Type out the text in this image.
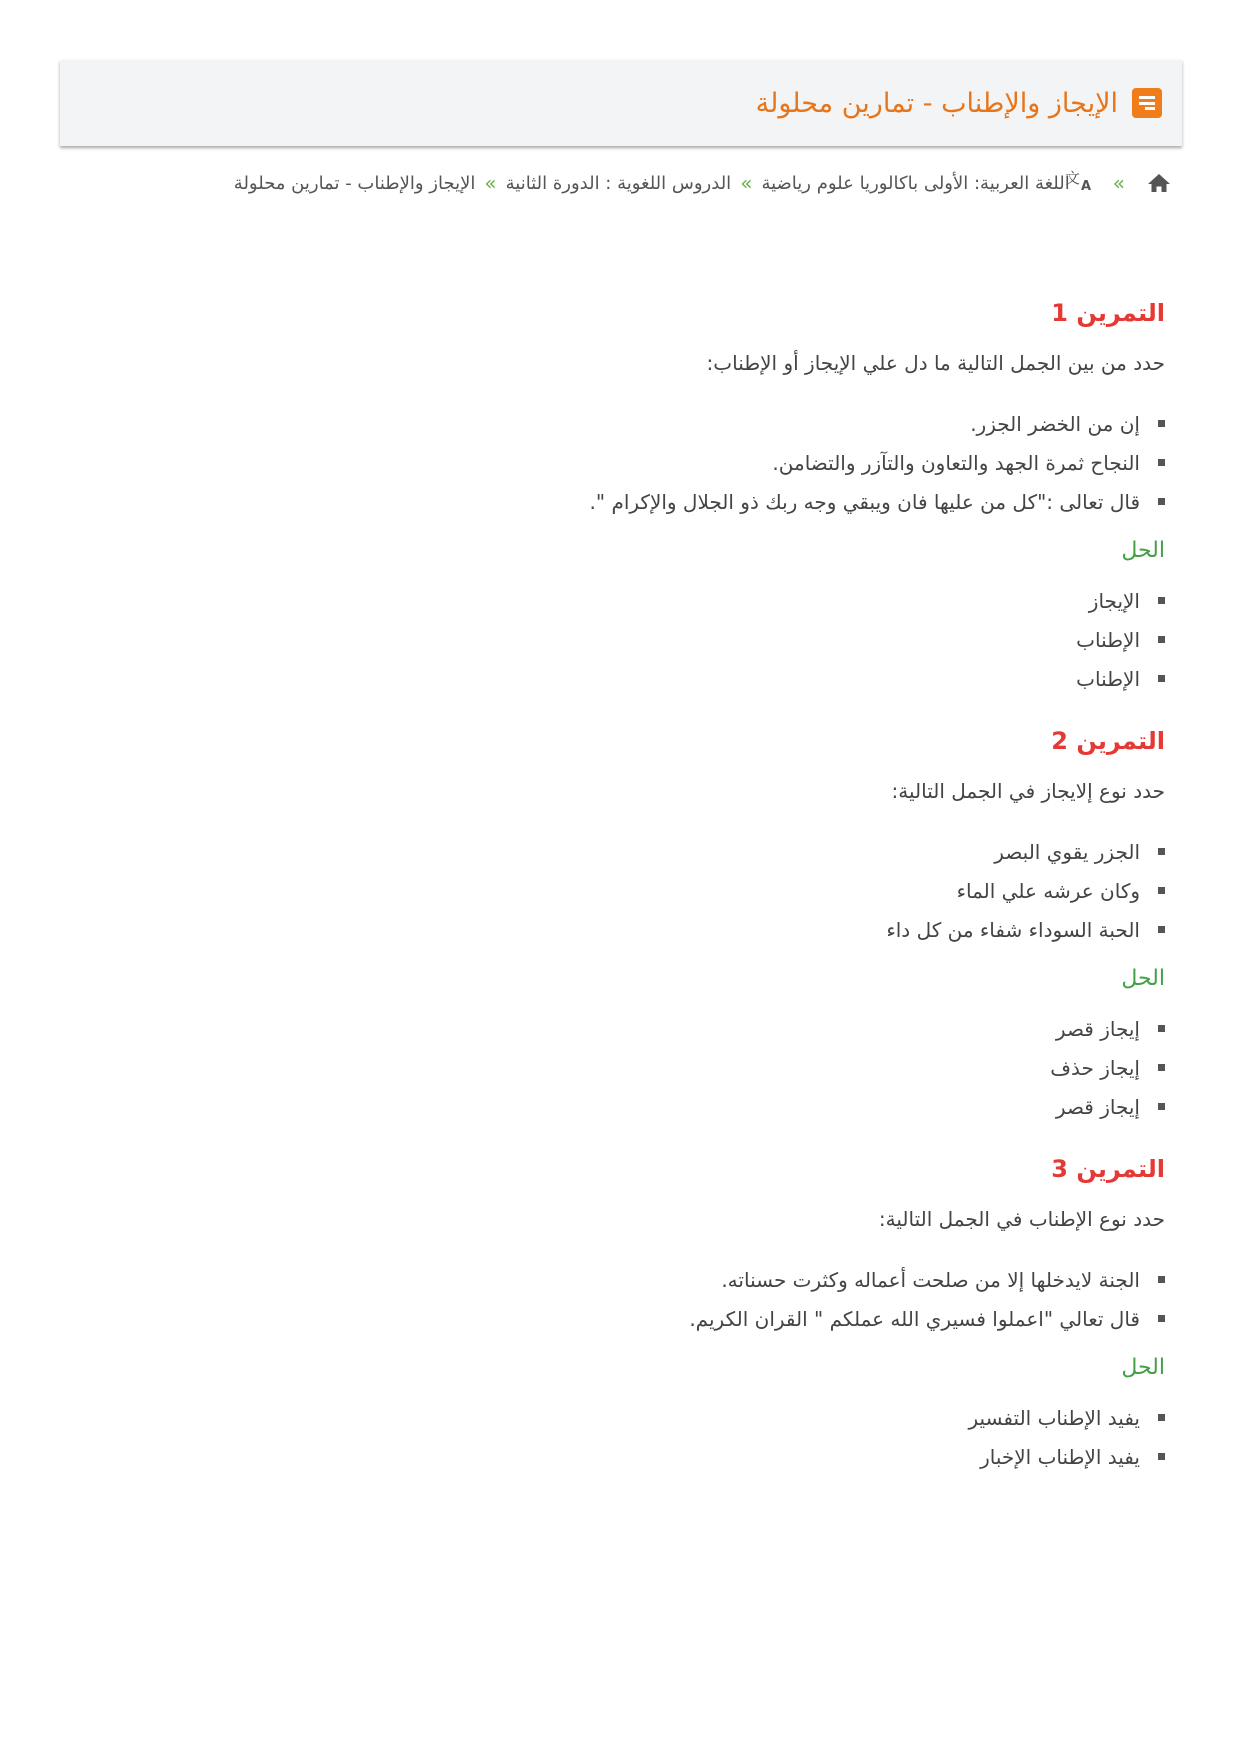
الإيجاز والإطناب - تمارين محلولة
»
文 A
اللغة العربية: الأولى باكالوريا علوم رياضية
»
الدروس اللغوية : الدورة الثانية
»
الإيجاز والإطناب - تمارين محلولة
التمرين 1
حدد من بين الجمل التالية ما دل علي الإيجاز أو الإطناب:
إن من الخضر الجزر.
النجاح ثمرة الجهد والتعاون والتآزر والتضامن.
قال تعالى :"كل من عليها فان ويبقي وجه ربك ذو الجلال والإكرام ".
الحل
الإيجاز
الإطناب
الإطناب
التمرين 2
حدد نوع إلايجاز في الجمل التالية:
الجزر يقوي البصر
وكان عرشه علي الماء
الحبة السوداء شفاء من كل داء
الحل
إيجاز قصر
إيجاز حذف
إيجاز قصر
التمرين 3
حدد نوع الإطناب في الجمل التالية:
الجنة لايدخلها إلا من صلحت أعماله وكثرت حسناته.
قال تعالي "اعملوا فسيري الله عملكم " القران الكريم.
الحل
يفيد الإطناب التفسير
يفيد الإطناب الإخبار
